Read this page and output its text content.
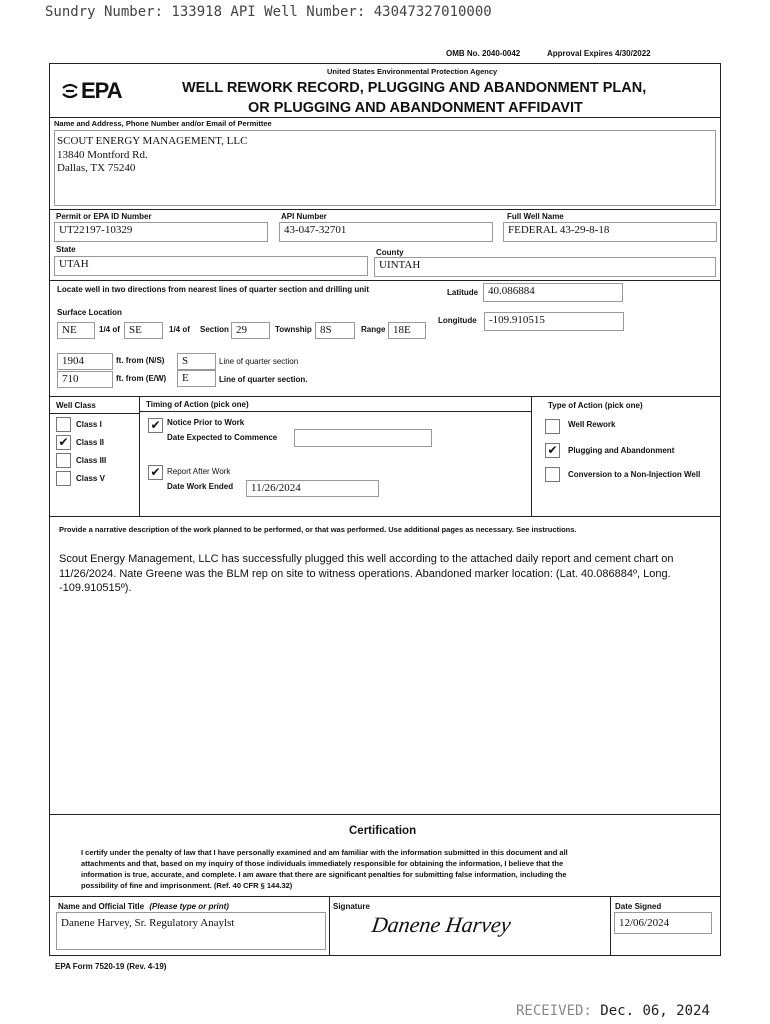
Sundry Number: 133918 API Well Number: 43047327010000
OMB No. 2040-0042	Approval Expires 4/30/2022
United States Environmental Protection Agency
EPA	WELL REWORK RECORD, PLUGGING AND ABANDONMENT PLAN,
OR PLUGGING AND ABANDONMENT AFFIDAVIT
Name and Address, Phone Number and/or Email of Permittee
SCOUT ENERGY MANAGEMENT, LLC
13840 Montford Rd.
Dallas, TX 75240
Permit or EPA ID Number
UT22197-10329
API Number
43-047-32701
Full Well Name
FEDERAL 43-29-8-18
State
UTAH
County
UINTAH
Locate well in two directions from nearest lines of quarter section and drilling unit	Latitude 40.086884
Longitude	-109.910515
Surface Location
NE	1/4 of SE	1/4 of Section 29	Township 8S	Range 18E
1904	ft. from (N/S)	S	Line of quarter section
710	ft. from (E/W)	E	Line of quarter section.
Well Class	Timing of Action (pick one)	Type of Action (pick one)
Class I
✔ Class II
Class III
Class V
✔ Notice Prior to Work
Date Expected to Commence
✔ Report After Work
Date Work Ended	11/26/2024
Well Rework
✔	Plugging and Abandonment
Conversion to a Non-Injection Well
Provide a narrative description of the work planned to be performed, or that was performed. Use additional pages as necessary. See instructions.
Scout Energy Management, LLC has successfully plugged this well according to the attached daily report and cement chart on
11/26/2024. Nate Greene was the BLM rep on site to witness operations. Abandoned marker location: (Lat. 40.086884º, Long.
-109.910515º).
Certification
I certify under the penalty of law that I have personally examined and am familiar with the information submitted in this document and all
attachments and that, based on my inquiry of those individuals immediately responsible for obtaining the information, I believe that the
information is true, accurate, and complete. I am aware that there are significant penalties for submitting false information, including the
possibility of fine and imprisonment. (Ref. 40 CFR § 144.32)
Name and Official Title (Please type or print)
Danene Harvey, Sr. Regulatory Anaylst
Signature
Danene Harvey
Date Signed
12/06/2024
EPA Form 7520-19 (Rev. 4-19)
RECEIVED: Dec. 06, 2024
